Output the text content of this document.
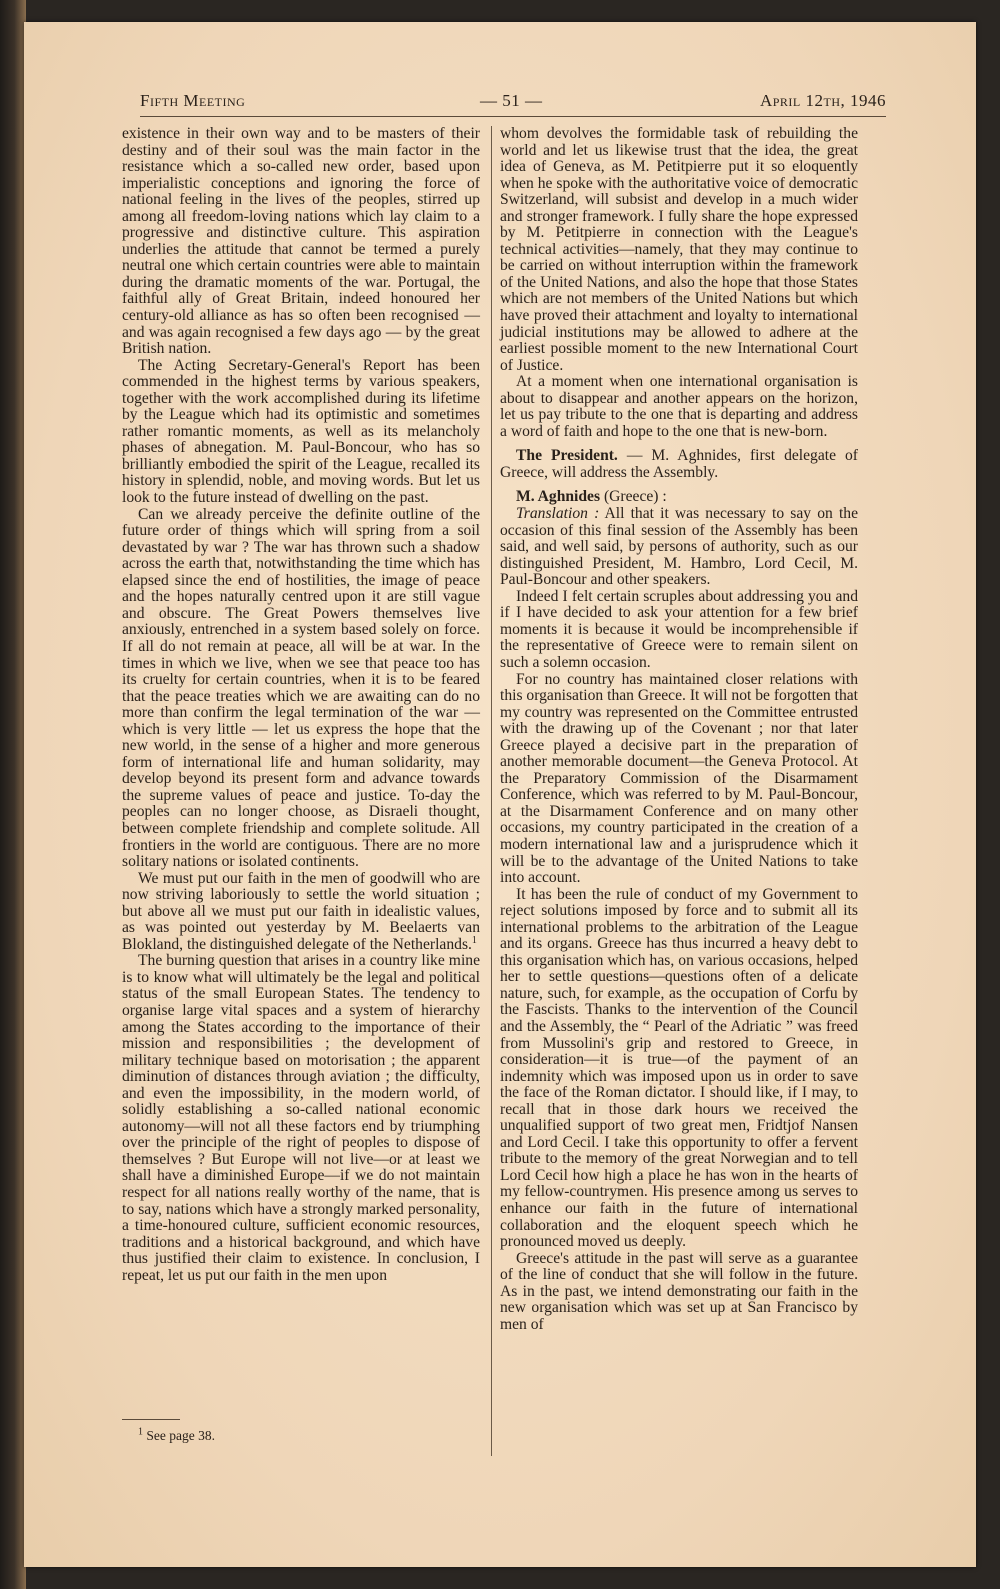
Fifth Meeting	— 51 —	April 12th, 1946

existence in their own way and to be masters of their destiny and of their soul was the main factor in the resistance which a so-called new order, based upon imperialistic conceptions and ignoring the force of national feeling in the lives of the peoples, stirred up among all freedom-loving nations which lay claim to a progressive and distinctive culture. This aspiration underlies the attitude that cannot be termed a purely neutral one which certain countries were able to maintain during the dramatic moments of the war. Portugal, the faithful ally of Great Britain, indeed honoured her century-old alliance as has so often been recognised — and was again recognised a few days ago — by the great British nation.

The Acting Secretary-General's Report has been commended in the highest terms by various speakers, together with the work accomplished during its lifetime by the League which had its optimistic and sometimes rather romantic moments, as well as its melancholy phases of abnegation. M. Paul-Boncour, who has so brilliantly embodied the spirit of the League, recalled its history in splendid, noble, and moving words. But let us look to the future instead of dwelling on the past.

Can we already perceive the definite outline of the future order of things which will spring from a soil devastated by war ? The war has thrown such a shadow across the earth that, notwithstanding the time which has elapsed since the end of hostilities, the image of peace and the hopes naturally centred upon it are still vague and obscure. The Great Powers themselves live anxiously, entrenched in a system based solely on force. If all do not remain at peace, all will be at war. In the times in which we live, when we see that peace too has its cruelty for certain countries, when it is to be feared that the peace treaties which we are awaiting can do no more than confirm the legal termination of the war — which is very little — let us express the hope that the new world, in the sense of a higher and more generous form of international life and human solidarity, may develop beyond its present form and advance towards the supreme values of peace and justice. To-day the peoples can no longer choose, as Disraeli thought, between complete friendship and complete solitude. All frontiers in the world are contiguous. There are no more solitary nations or isolated continents.

We must put our faith in the men of goodwill who are now striving laboriously to settle the world situation ; but above all we must put our faith in idealistic values, as was pointed out yesterday by M. Beelaerts van Blokland, the distinguished delegate of the Netherlands.$^1$

The burning question that arises in a country like mine is to know what will ultimately be the legal and political status of the small European States. The tendency to organise large vital spaces and a system of hierarchy among the States according to the importance of their mission and responsibilities ; the development of military technique based on motorisation ; the apparent diminution of distances through aviation ; the difficulty, and even the impossibility, in the modern world, of solidly establishing a so-called national economic autonomy—will not all these factors end by triumphing over the principle of the right of peoples to dispose of themselves ? But Europe will not live—or at least we shall have a diminished Europe—if we do not maintain respect for all nations really worthy of the name, that is to say, nations which have a strongly marked personality, a time-honoured culture, sufficient economic resources, traditions and a historical background, and which have thus justified their claim to existence. In conclusion, I repeat, let us put our faith in the men upon

whom devolves the formidable task of rebuilding the world and let us likewise trust that the idea, the great idea of Geneva, as M. Petitpierre put it so eloquently when he spoke with the authoritative voice of democratic Switzerland, will subsist and develop in a much wider and stronger framework. I fully share the hope expressed by M. Petitpierre in connection with the League's technical activities—namely, that they may continue to be carried on without interruption within the framework of the United Nations, and also the hope that those States which are not members of the United Nations but which have proved their attachment and loyalty to international judicial institutions may be allowed to adhere at the earliest possible moment to the new International Court of Justice.

At a moment when one international organisation is about to disappear and another appears on the horizon, let us pay tribute to the one that is departing and address a word of faith and hope to the one that is new-born.

The President. — M. Aghnides, first delegate of Greece, will address the Assembly.

M. Aghnides (Greece) :

Translation : All that it was necessary to say on the occasion of this final session of the Assembly has been said, and well said, by persons of authority, such as our distinguished President, M. Hambro, Lord Cecil, M. Paul-Boncour and other speakers.

Indeed I felt certain scruples about addressing you and if I have decided to ask your attention for a few brief moments it is because it would be incomprehensible if the representative of Greece were to remain silent on such a solemn occasion.

For no country has maintained closer relations with this organisation than Greece. It will not be forgotten that my country was represented on the Committee entrusted with the drawing up of the Covenant ; nor that later Greece played a decisive part in the preparation of another memorable document—the Geneva Protocol. At the Preparatory Commission of the Disarmament Conference, which was referred to by M. Paul-Boncour, at the Disarmament Conference and on many other occasions, my country participated in the creation of a modern international law and a jurisprudence which it will be to the advantage of the United Nations to take into account.

It has been the rule of conduct of my Government to reject solutions imposed by force and to submit all its international problems to the arbitration of the League and its organs. Greece has thus incurred a heavy debt to this organisation which has, on various occasions, helped her to settle questions—questions often of a delicate nature, such, for example, as the occupation of Corfu by the Fascists. Thanks to the intervention of the Council and the Assembly, the “ Pearl of the Adriatic ” was freed from Mussolini's grip and restored to Greece, in consideration—it is true—of the payment of an indemnity which was imposed upon us in order to save the face of the Roman dictator. I should like, if I may, to recall that in those dark hours we received the unqualified support of two great men, Fridtjof Nansen and Lord Cecil. I take this opportunity to offer a fervent tribute to the memory of the great Norwegian and to tell Lord Cecil how high a place he has won in the hearts of my fellow-countrymen. His presence among us serves to enhance our faith in the future of international collaboration and the eloquent speech which he pronounced moved us deeply.

Greece's attitude in the past will serve as a guarantee of the line of conduct that she will follow in the future. As in the past, we intend demonstrating our faith in the new organisation which was set up at San Francisco by men of

$^1$ See page 38.
